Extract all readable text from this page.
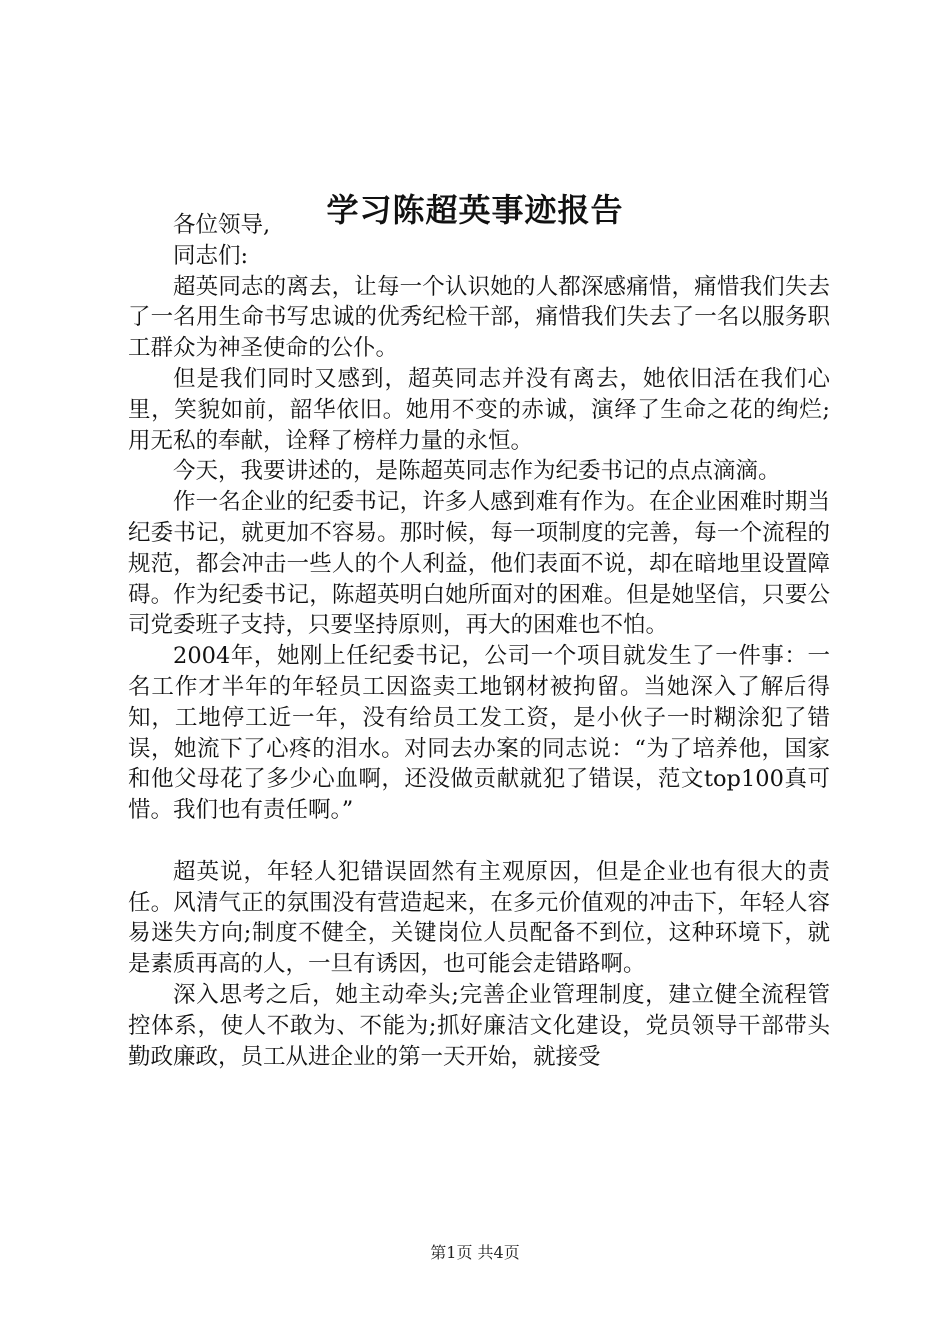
学习陈超英事迹报告

各位领导,

同志们:

超英同志的离去，让每一个认识她的人都深感痛惜，痛惜我们失去了一名用生命书写忠诚的优秀纪检干部，痛惜我们失去了一名以服务职工群众为神圣使命的公仆。

但是我们同时又感到，超英同志并没有离去，她依旧活在我们心里，笑貌如前，韶华依旧。她用不变的赤诚，演绎了生命之花的绚烂;用无私的奉献，诠释了榜样力量的永恒。

今天，我要讲述的，是陈超英同志作为纪委书记的点点滴滴。

作一名企业的纪委书记，许多人感到难有作为。在企业困难时期当纪委书记，就更加不容易。那时候，每一项制度的完善，每一个流程的规范，都会冲击一些人的个人利益，他们表面不说，却在暗地里设置障碍。作为纪委书记，陈超英明白她所面对的困难。但是她坚信，只要公司党委班子支持，只要坚持原则，再大的困难也不怕。

2004年，她刚上任纪委书记，公司一个项目就发生了一件事：一名工作才半年的年轻员工因盗卖工地钢材被拘留。当她深入了解后得知，工地停工近一年，没有给员工发工资，是小伙子一时糊涂犯了错误，她流下了心疼的泪水。对同去办案的同志说：“为了培养他，国家和他父母花了多少心血啊，还没做贡献就犯了错误，范文top100真可惜。我们也有责任啊。”

超英说，年轻人犯错误固然有主观原因，但是企业也有很大的责任。风清气正的氛围没有营造起来，在多元价值观的冲击下，年轻人容易迷失方向;制度不健全，关键岗位人员配备不到位，这种环境下，就是素质再高的人，一旦有诱因，也可能会走错路啊。

深入思考之后，她主动牵头;完善企业管理制度，建立健全流程管控体系，使人不敢为、不能为;抓好廉洁文化建设，党员领导干部带头勤政廉政，员工从进企业的第一天开始，就接受

第1页 共4页
